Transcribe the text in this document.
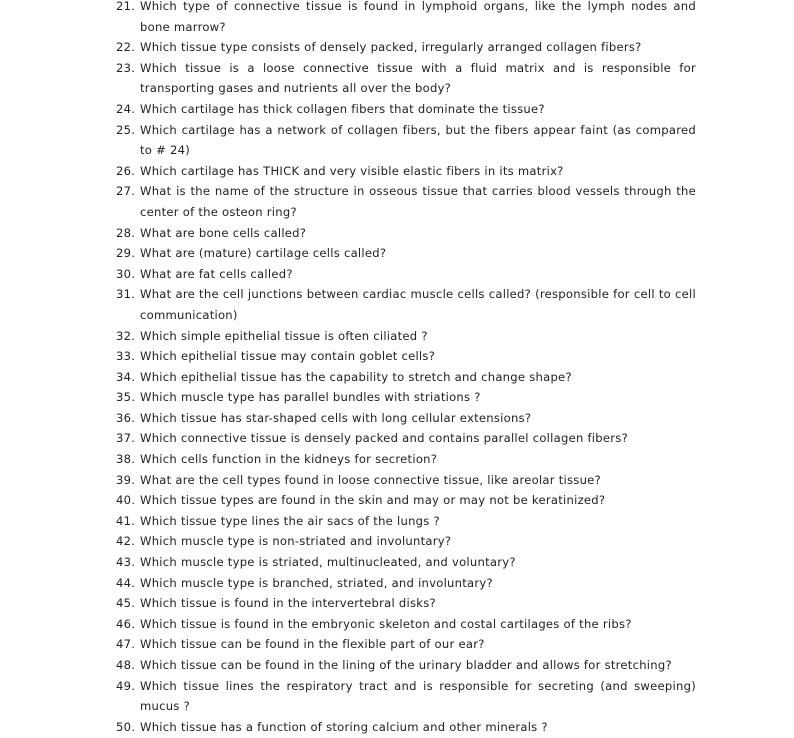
21. Which type of connective tissue is found in lymphoid organs, like the lymph nodes and bone marrow?
22. Which tissue type consists of densely packed, irregularly arranged collagen fibers?
23. Which tissue is a loose connective tissue with a fluid matrix and is responsible for transporting gases and nutrients all over the body?
24. Which cartilage has thick collagen fibers that dominate the tissue?
25. Which cartilage has a network of collagen fibers, but the fibers appear faint (as compared to # 24)
26. Which cartilage has THICK and very visible elastic fibers in its matrix?
27. What is the name of the structure in osseous tissue that carries blood vessels through the center of the osteon ring?
28. What are bone cells called?
29. What are (mature) cartilage cells called?
30. What are fat cells called?
31. What are the cell junctions between cardiac muscle cells called? (responsible for cell to cell communication)
32. Which simple epithelial tissue is often ciliated ?
33. Which epithelial tissue may contain goblet cells?
34. Which epithelial tissue has the capability to stretch and change shape?
35. Which muscle type has parallel bundles with striations ?
36. Which tissue has star-shaped cells with long cellular extensions?
37. Which connective tissue is densely packed and contains parallel collagen fibers?
38. Which cells function in the kidneys for secretion?
39. What are the cell types found in loose connective tissue, like areolar tissue?
40. Which tissue types are found in the skin and may or may not be keratinized?
41. Which tissue type lines the air sacs of the lungs ?
42. Which muscle type is non-striated and involuntary?
43. Which muscle type is striated, multinucleated, and voluntary?
44. Which muscle type is branched, striated, and involuntary?
45. Which tissue is found in the intervertebral disks?
46. Which tissue is found in the embryonic skeleton and costal cartilages of the ribs?
47. Which tissue can be found in the flexible part of our ear?
48. Which tissue can be found in the lining of the urinary bladder and allows for stretching?
49. Which tissue lines the respiratory tract and is responsible for secreting (and sweeping) mucus ?
50. Which tissue has a function of storing calcium and other minerals ?
